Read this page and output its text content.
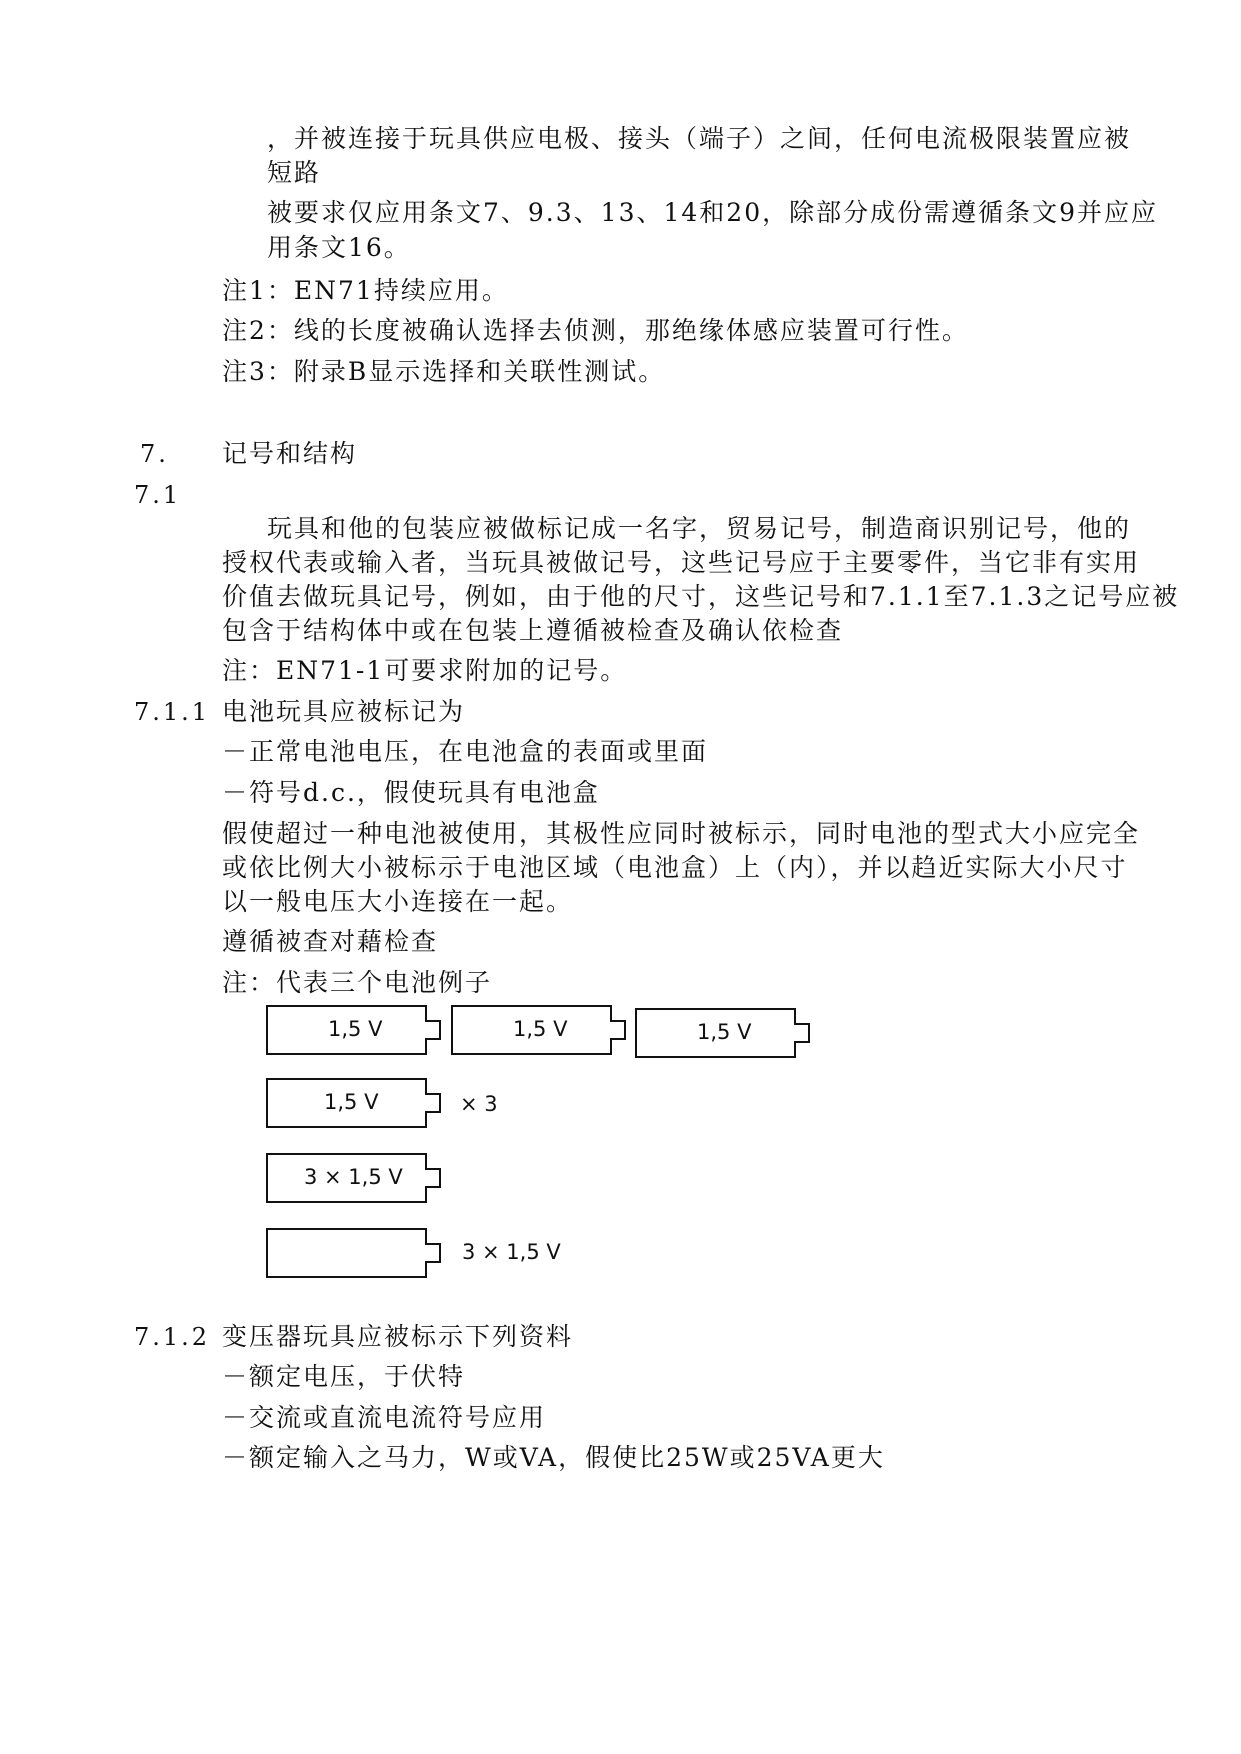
，并被连接于玩具供应电极、接头（端子）之间，任何电流极限装置应被
短路
被要求仅应用条文7、9.3、13、14和20，除部分成份需遵循条文9并应应
用条文16。
注1：EN71持续应用。
注2：线的长度被确认选择去侦测，那绝缘体感应装置可行性。
注3：附录B显示选择和关联性测试。
7. 记号和结构
7.1
玩具和他的包装应被做标记成一名字，贸易记号，制造商识别记号，他的
授权代表或输入者，当玩具被做记号，这些记号应于主要零件，当它非有实用
价值去做玩具记号，例如，由于他的尺寸，这些记号和7.1.1至7.1.3之记号应被
包含于结构体中或在包装上遵循被检查及确认依检查
注：EN71-1可要求附加的记号。
7.1.1 电池玩具应被标记为
－正常电池电压，在电池盒的表面或里面
－符号d.c.，假使玩具有电池盒
假使超过一种电池被使用，其极性应同时被标示，同时电池的型式大小应完全
或依比例大小被标示于电池区域（电池盒）上（内），并以趋近实际大小尺寸
以一般电压大小连接在一起。
遵循被查对藉检查
注：代表三个电池例子
1,5 V	1,5 V	1,5 V
1,5 V	× 3
3 × 1,5 V
3 × 1,5 V
7.1.2 变压器玩具应被标示下列资料
－额定电压，于伏特
－交流或直流电流符号应用
－额定输入之马力，W或VA，假使比25W或25VA更大
